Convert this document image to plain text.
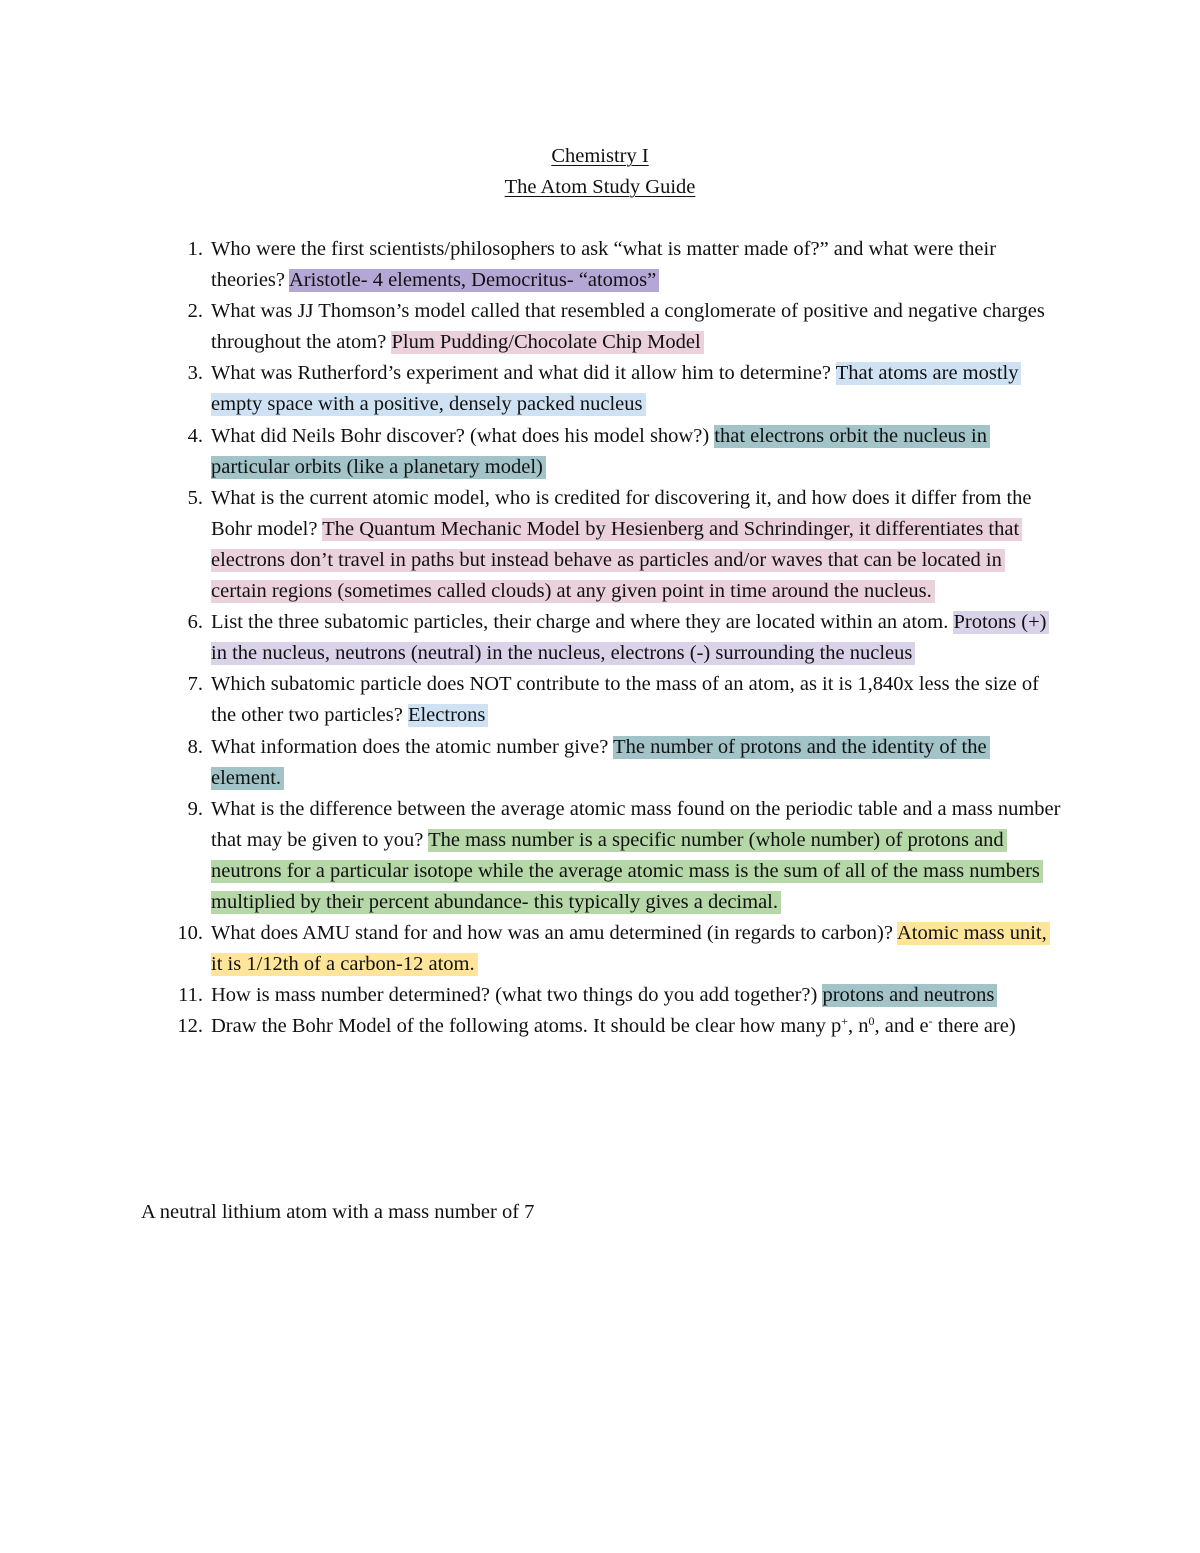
Chemistry I
The Atom Study Guide
1. Who were the first scientists/philosophers to ask “what is matter made of?” and what were their theories? Aristotle- 4 elements, Democritus- “atomos”
2. What was JJ Thomson’s model called that resembled a conglomerate of positive and negative charges throughout the atom? Plum Pudding/Chocolate Chip Model
3. What was Rutherford’s experiment and what did it allow him to determine? That atoms are mostly empty space with a positive, densely packed nucleus
4. What did Neils Bohr discover? (what does his model show?) that electrons orbit the nucleus in particular orbits (like a planetary model)
5. What is the current atomic model, who is credited for discovering it, and how does it differ from the Bohr model? The Quantum Mechanic Model by Hesienberg and Schrindinger, it differentiates that electrons don’t travel in paths but instead behave as particles and/or waves that can be located in certain regions (sometimes called clouds) at any given point in time around the nucleus.
6. List the three subatomic particles, their charge and where they are located within an atom. Protons (+) in the nucleus, neutrons (neutral) in the nucleus, electrons (-) surrounding the nucleus
7. Which subatomic particle does NOT contribute to the mass of an atom, as it is 1,840x less the size of the other two particles? Electrons
8. What information does the atomic number give? The number of protons and the identity of the element.
9. What is the difference between the average atomic mass found on the periodic table and a mass number that may be given to you? The mass number is a specific number (whole number) of protons and neutrons for a particular isotope while the average atomic mass is the sum of all of the mass numbers multiplied by their percent abundance- this typically gives a decimal.
10. What does AMU stand for and how was an amu determined (in regards to carbon)? Atomic mass unit, it is 1/12th of a carbon-12 atom.
11. How is mass number determined? (what two things do you add together?) protons and neutrons
12. Draw the Bohr Model of the following atoms. It should be clear how many p+, $n^0$, and e- there are)
A neutral lithium atom with a mass number of 7
